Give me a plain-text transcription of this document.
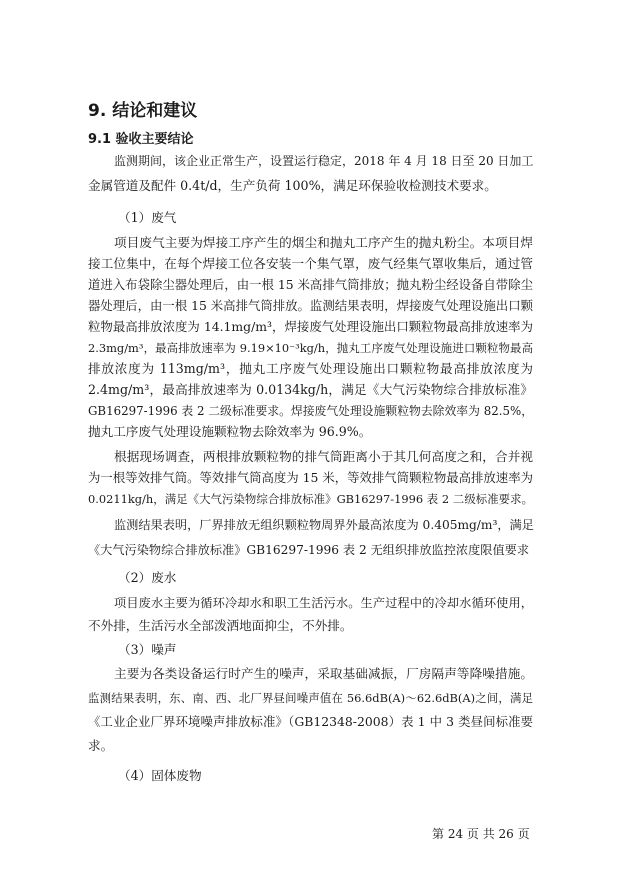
9. 结论和建议
9.1 验收主要结论

监测期间，该企业正常生产，设置运行稳定，2018 年 4 月 18 日至 20 日加工

金属管道及配件 0.4t/d，生产负荷 100%，满足环保验收检测技术要求。

（1）废气

项目废气主要为焊接工序产生的烟尘和抛丸工序产生的抛丸粉尘。本项目焊

接工位集中，在每个焊接工位各安装一个集气罩，废气经集气罩收集后，通过管

道进入布袋除尘器处理后，由一根 15 米高排气筒排放；抛丸粉尘经设备自带除尘

器处理后，由一根 15 米高排气筒排放。监测结果表明，焊接废气处理设施出口颗

粒物最高排放浓度为 14.1mg/m³，焊接废气处理设施出口颗粒物最高排放速率为

2.3mg/m³，最高排放速率为 9.19×10⁻³kg/h，抛丸工序废气处理设施进口颗粒物最高

排放浓度为 113mg/m³，抛丸工序废气处理设施出口颗粒物最高排放浓度为

2.4mg/m³，最高排放速率为 0.0134kg/h，满足《大气污染物综合排放标准》

GB16297-1996 表 2 二级标准要求。焊接废气处理设施颗粒物去除效率为 82.5%，

抛丸工序废气处理设施颗粒物去除效率为 96.9%。

根据现场调查，两根排放颗粒物的排气筒距离小于其几何高度之和，合并视

为一根等效排气筒。等效排气筒高度为 15 米，等效排气筒颗粒物最高排放速率为

0.0211kg/h，满足《大气污染物综合排放标准》GB16297-1996 表 2 二级标准要求。

监测结果表明，厂界排放无组织颗粒物周界外最高浓度为 0.405mg/m³，满足

《大气污染物综合排放标准》GB16297-1996 表 2 无组织排放监控浓度限值要求

（2）废水

项目废水主要为循环冷却水和职工生活污水。生产过程中的冷却水循环使用，

不外排，生活污水全部泼洒地面抑尘，不外排。

（3）噪声

主要为各类设备运行时产生的噪声，采取基础减振，厂房隔声等降噪措施。

监测结果表明，东、南、西、北厂界昼间噪声值在 56.6dB(A)～62.6dB(A)之间，满足

《工业企业厂界环境噪声排放标准》（GB12348-2008）表 1 中 3 类昼间标准要

求。

（4）固体废物

第 24 页 共 26 页
